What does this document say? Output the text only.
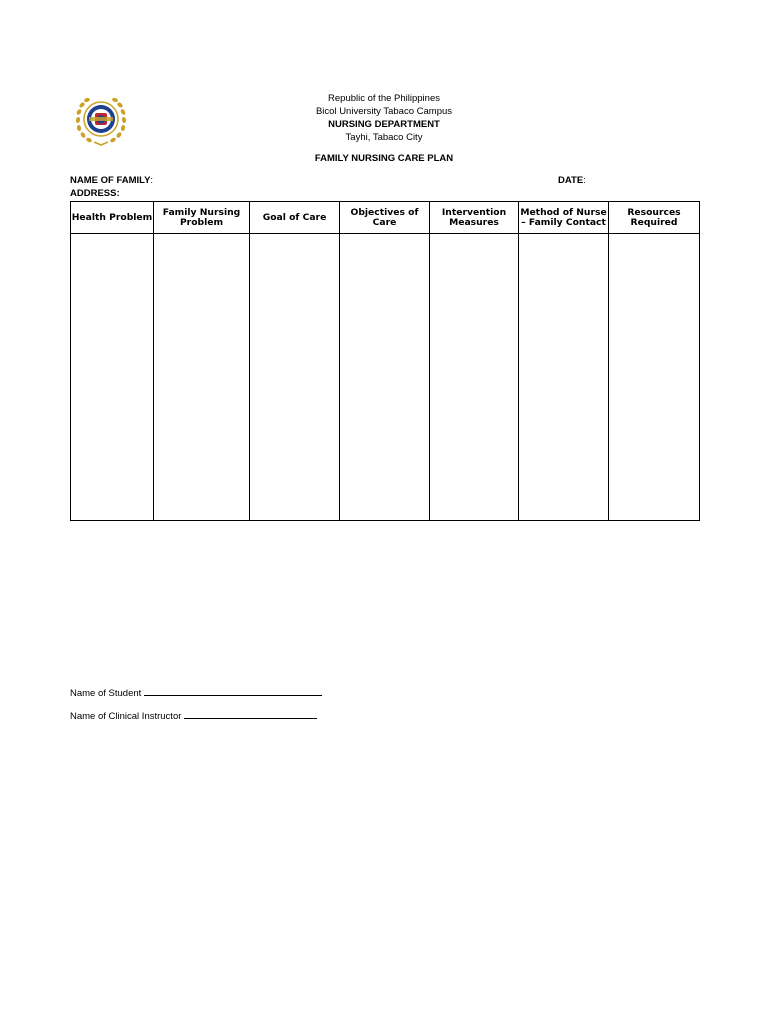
Republic of the Philippines
Bicol University Tabaco Campus
NURSING DEPARTMENT
Tayhi, Tabaco City
FAMILY NURSING CARE PLAN
NAME OF FAMILY:	DATE:
ADDRESS:
Health Problem	Family Nursing Problem	Goal of Care	Objectives of Care	Intervention Measures	Method of Nurse – Family Contact	Resources Required

Name of Student
Name of Clinical Instructor
